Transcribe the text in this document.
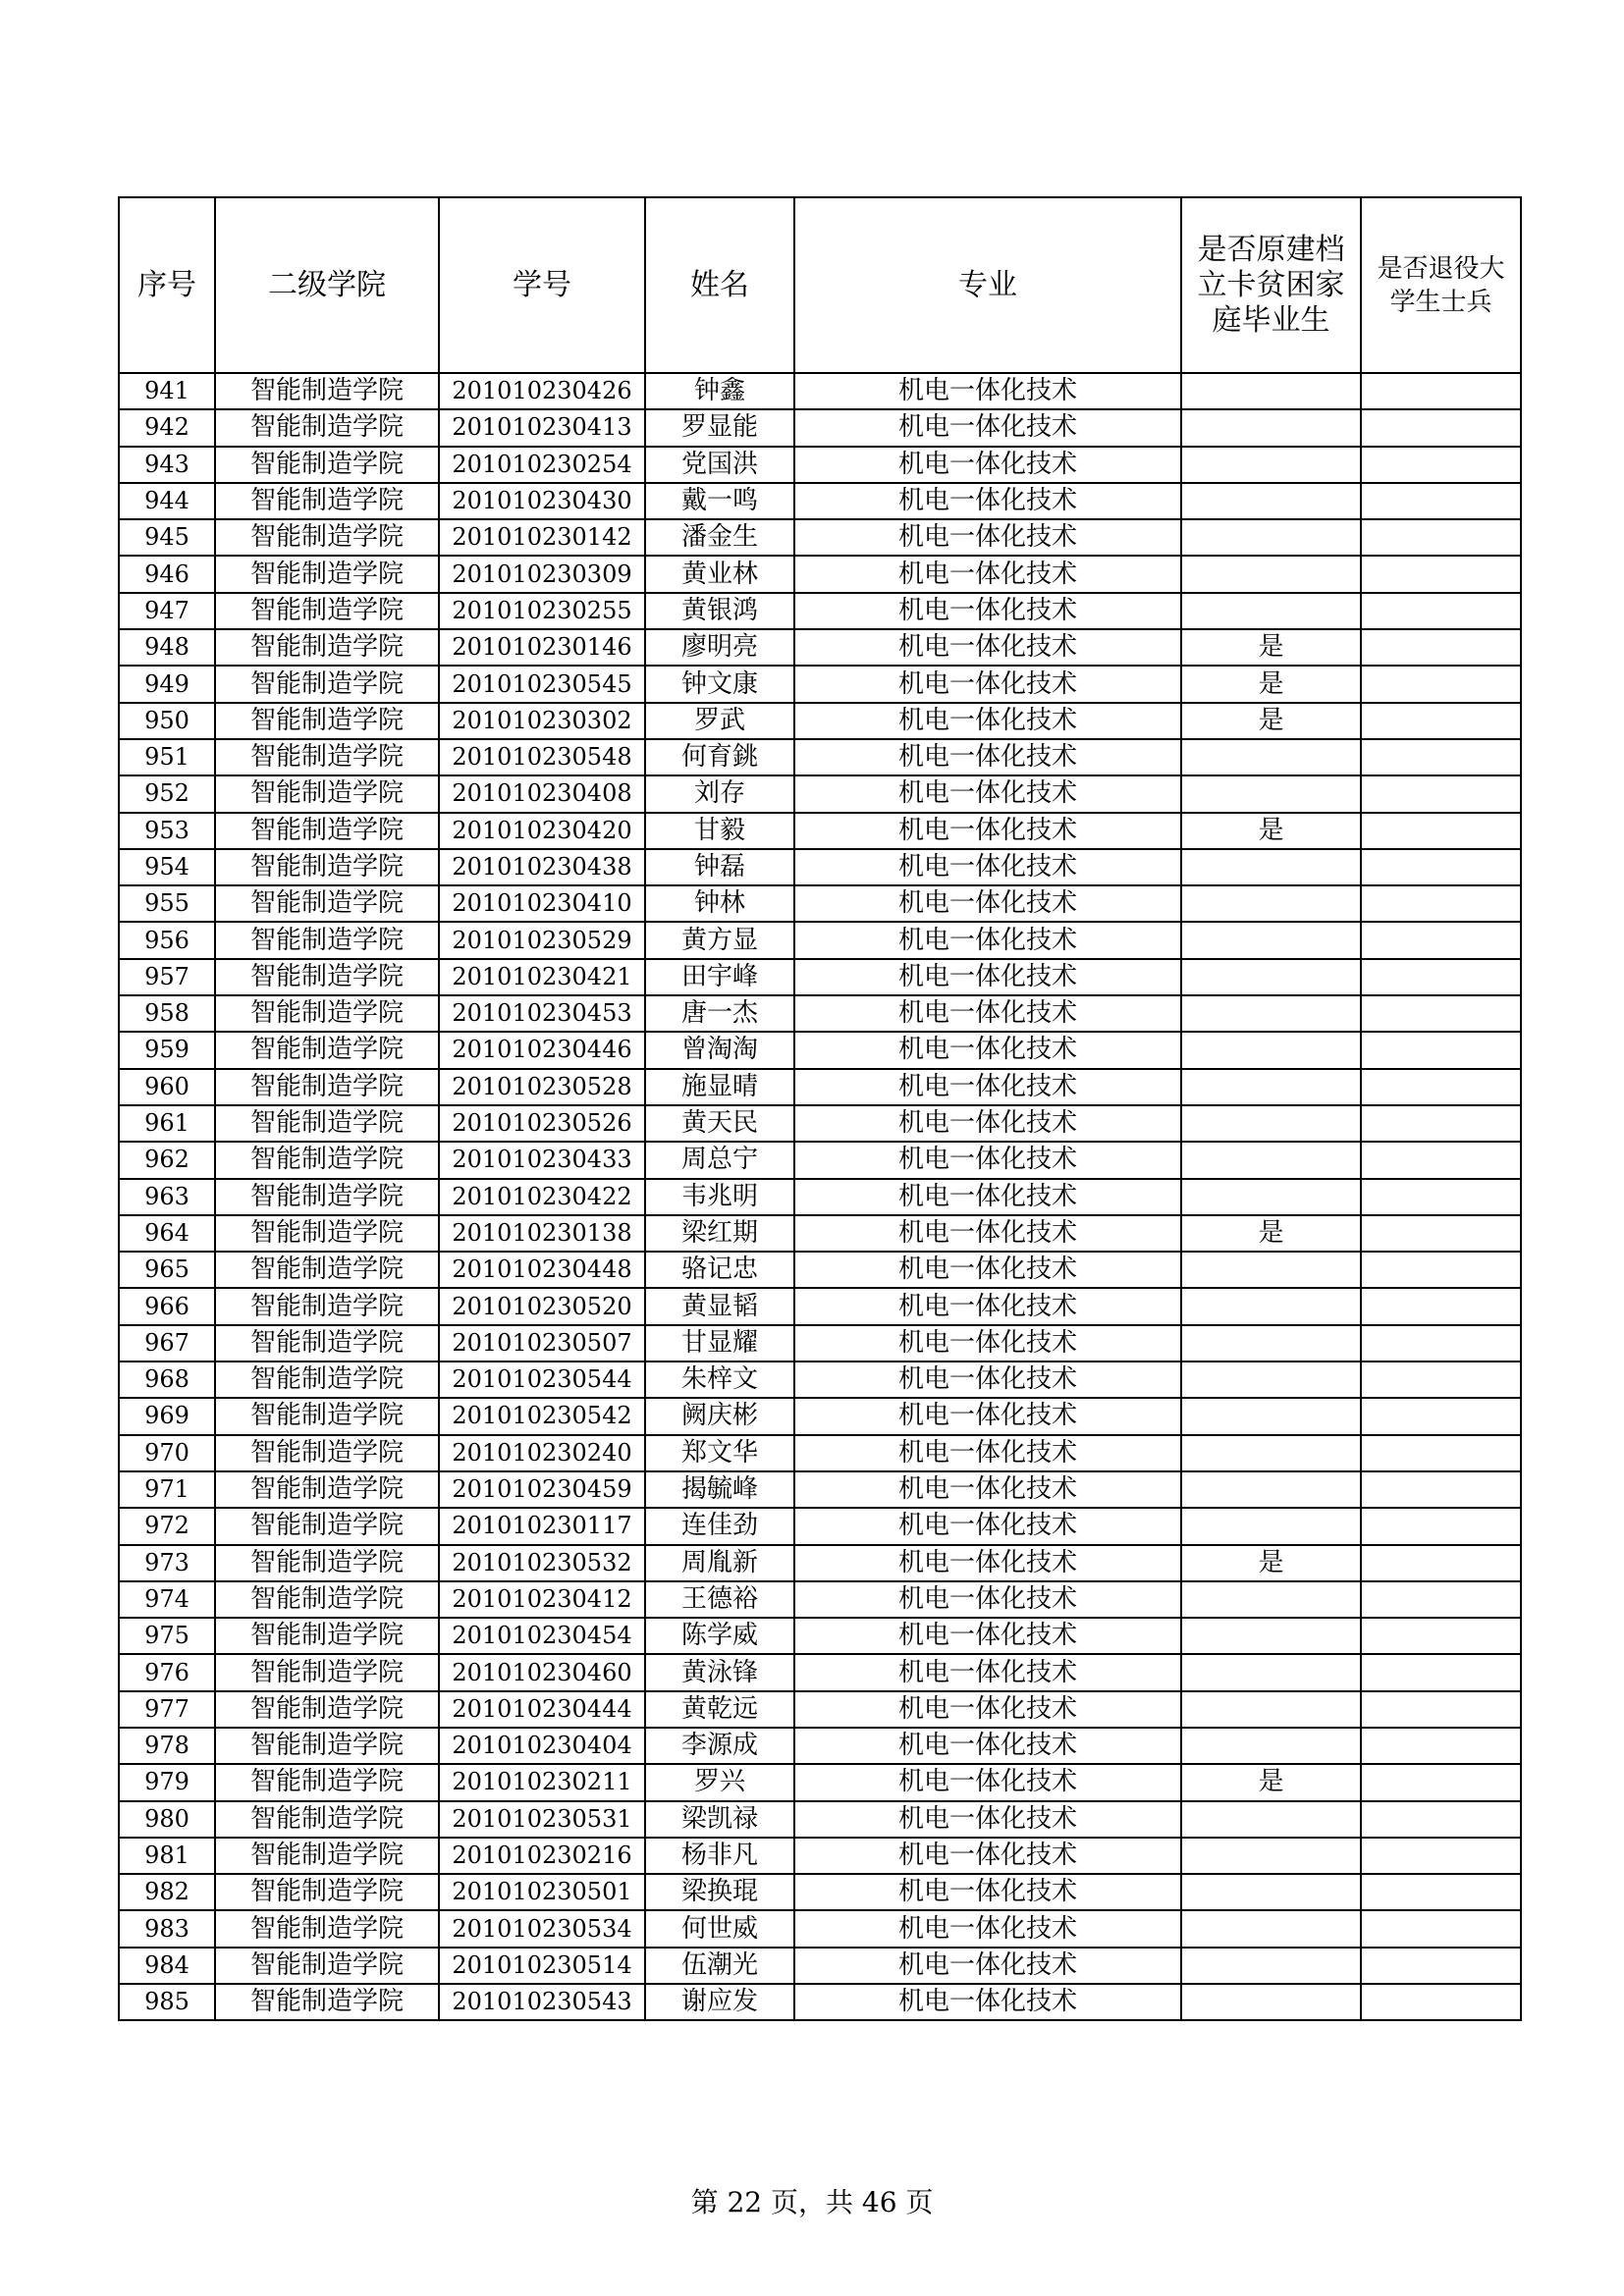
序号	二级学院	学号	姓名	专业	是否原建档立卡贫困家庭毕业生	是否退役大学生士兵
941	智能制造学院	201010230426	钟鑫	机电一体化技术		
942	智能制造学院	201010230413	罗显能	机电一体化技术		
943	智能制造学院	201010230254	党国洪	机电一体化技术		
944	智能制造学院	201010230430	戴一鸣	机电一体化技术		
945	智能制造学院	201010230142	潘金生	机电一体化技术		
946	智能制造学院	201010230309	黄业林	机电一体化技术		
947	智能制造学院	201010230255	黄银鸿	机电一体化技术		
948	智能制造学院	201010230146	廖明亮	机电一体化技术	是	
949	智能制造学院	201010230545	钟文康	机电一体化技术	是	
950	智能制造学院	201010230302	罗武	机电一体化技术	是	
951	智能制造学院	201010230548	何育銚	机电一体化技术		
952	智能制造学院	201010230408	刘存	机电一体化技术		
953	智能制造学院	201010230420	甘毅	机电一体化技术	是	
954	智能制造学院	201010230438	钟磊	机电一体化技术		
955	智能制造学院	201010230410	钟林	机电一体化技术		
956	智能制造学院	201010230529	黄方显	机电一体化技术		
957	智能制造学院	201010230421	田宇峰	机电一体化技术		
958	智能制造学院	201010230453	唐一杰	机电一体化技术		
959	智能制造学院	201010230446	曾淘淘	机电一体化技术		
960	智能制造学院	201010230528	施显晴	机电一体化技术		
961	智能制造学院	201010230526	黄天民	机电一体化技术		
962	智能制造学院	201010230433	周总宁	机电一体化技术		
963	智能制造学院	201010230422	韦兆明	机电一体化技术		
964	智能制造学院	201010230138	梁红期	机电一体化技术	是	
965	智能制造学院	201010230448	骆记忠	机电一体化技术		
966	智能制造学院	201010230520	黄显韬	机电一体化技术		
967	智能制造学院	201010230507	甘显耀	机电一体化技术		
968	智能制造学院	201010230544	朱梓文	机电一体化技术		
969	智能制造学院	201010230542	阙庆彬	机电一体化技术		
970	智能制造学院	201010230240	郑文华	机电一体化技术		
971	智能制造学院	201010230459	揭毓峰	机电一体化技术		
972	智能制造学院	201010230117	连佳劲	机电一体化技术		
973	智能制造学院	201010230532	周胤新	机电一体化技术	是	
974	智能制造学院	201010230412	王德裕	机电一体化技术		
975	智能制造学院	201010230454	陈学威	机电一体化技术		
976	智能制造学院	201010230460	黄泳锋	机电一体化技术		
977	智能制造学院	201010230444	黄乾远	机电一体化技术		
978	智能制造学院	201010230404	李源成	机电一体化技术		
979	智能制造学院	201010230211	罗兴	机电一体化技术	是	
980	智能制造学院	201010230531	梁凯禄	机电一体化技术		
981	智能制造学院	201010230216	杨非凡	机电一体化技术		
982	智能制造学院	201010230501	梁换琨	机电一体化技术		
983	智能制造学院	201010230534	何世威	机电一体化技术		
984	智能制造学院	201010230514	伍潮光	机电一体化技术		
985	智能制造学院	201010230543	谢应发	机电一体化技术		
第 22 页，共 46 页
